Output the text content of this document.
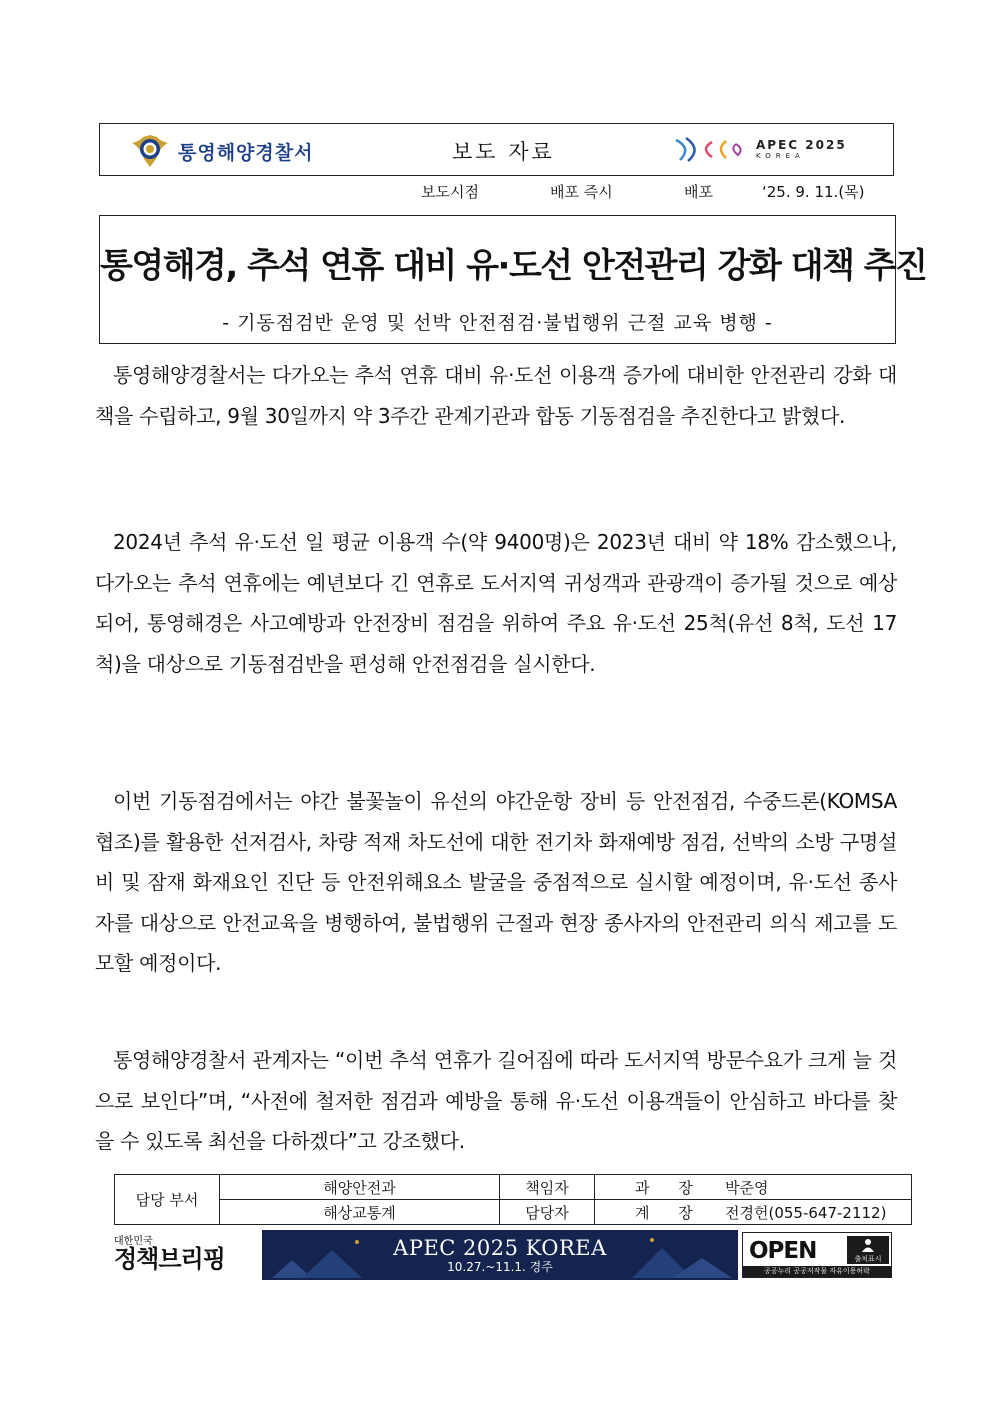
통영해양경찰서	보도 자료	APEC 2025
KOREA
보도시점	배포 즉시	배포	‘25. 9. 11.(목)
통영해경, 추석 연휴 대비 유·도선 안전관리 강화 대책 추진
- 기동점검반 운영 및 선박 안전점검·불법행위 근절 교육 병행 -

통영해양경찰서는 다가오는 추석 연휴 대비 유·도선 이용객 증가에 대비한 안전관리 강화 대책을 수립하고, 9월 30일까지 약 3주간 관계기관과 합동 기동점검을 추진한다고 밝혔다.

2024년 추석 유·도선 일 평균 이용객 수(약 9400명)은 2023년 대비 약 18% 감소했으나, 다가오는 추석 연휴에는 예년보다 긴 연휴로 도서지역 귀성객과 관광객이 증가될 것으로 예상되어, 통영해경은 사고예방과 안전장비 점검을 위하여 주요 유·도선 25척(유선 8척, 도선 17척)을 대상으로 기동점검반을 편성해 안전점검을 실시한다.

이번 기동점검에서는 야간 불꽃놀이 유선의 야간운항 장비 등 안전점검, 수중드론(KOMSA 협조)를 활용한 선저검사, 차량 적재 차도선에 대한 전기차 화재예방 점검, 선박의 소방 구명설비 및 잠재 화재요인 진단 등 안전위해요소 발굴을 중점적으로 실시할 예정이며, 유·도선 종사자를 대상으로 안전교육을 병행하여, 불법행위 근절과 현장 종사자의 안전관리 의식 제고를 도모할 예정이다.

통영해양경찰서 관계자는 “이번 추석 연휴가 길어짐에 따라 도서지역 방문수요가 크게 늘 것으로 보인다”며, “사전에 철저한 점검과 예방을 통해 유·도선 이용객들이 안심하고 바다를 찾을 수 있도록 최선을 다하겠다”고 강조했다.

담당 부서	해양안전과	책임자	과 장 박준영
	해상교통계	담당자	계 장 전경헌(055-647-2112)
대한민국
정책브리핑	APEC 2025 KOREA
10.27.~11.1. 경주
OPEN	출처표시
공공누리 공공저작물 자유이용허락
